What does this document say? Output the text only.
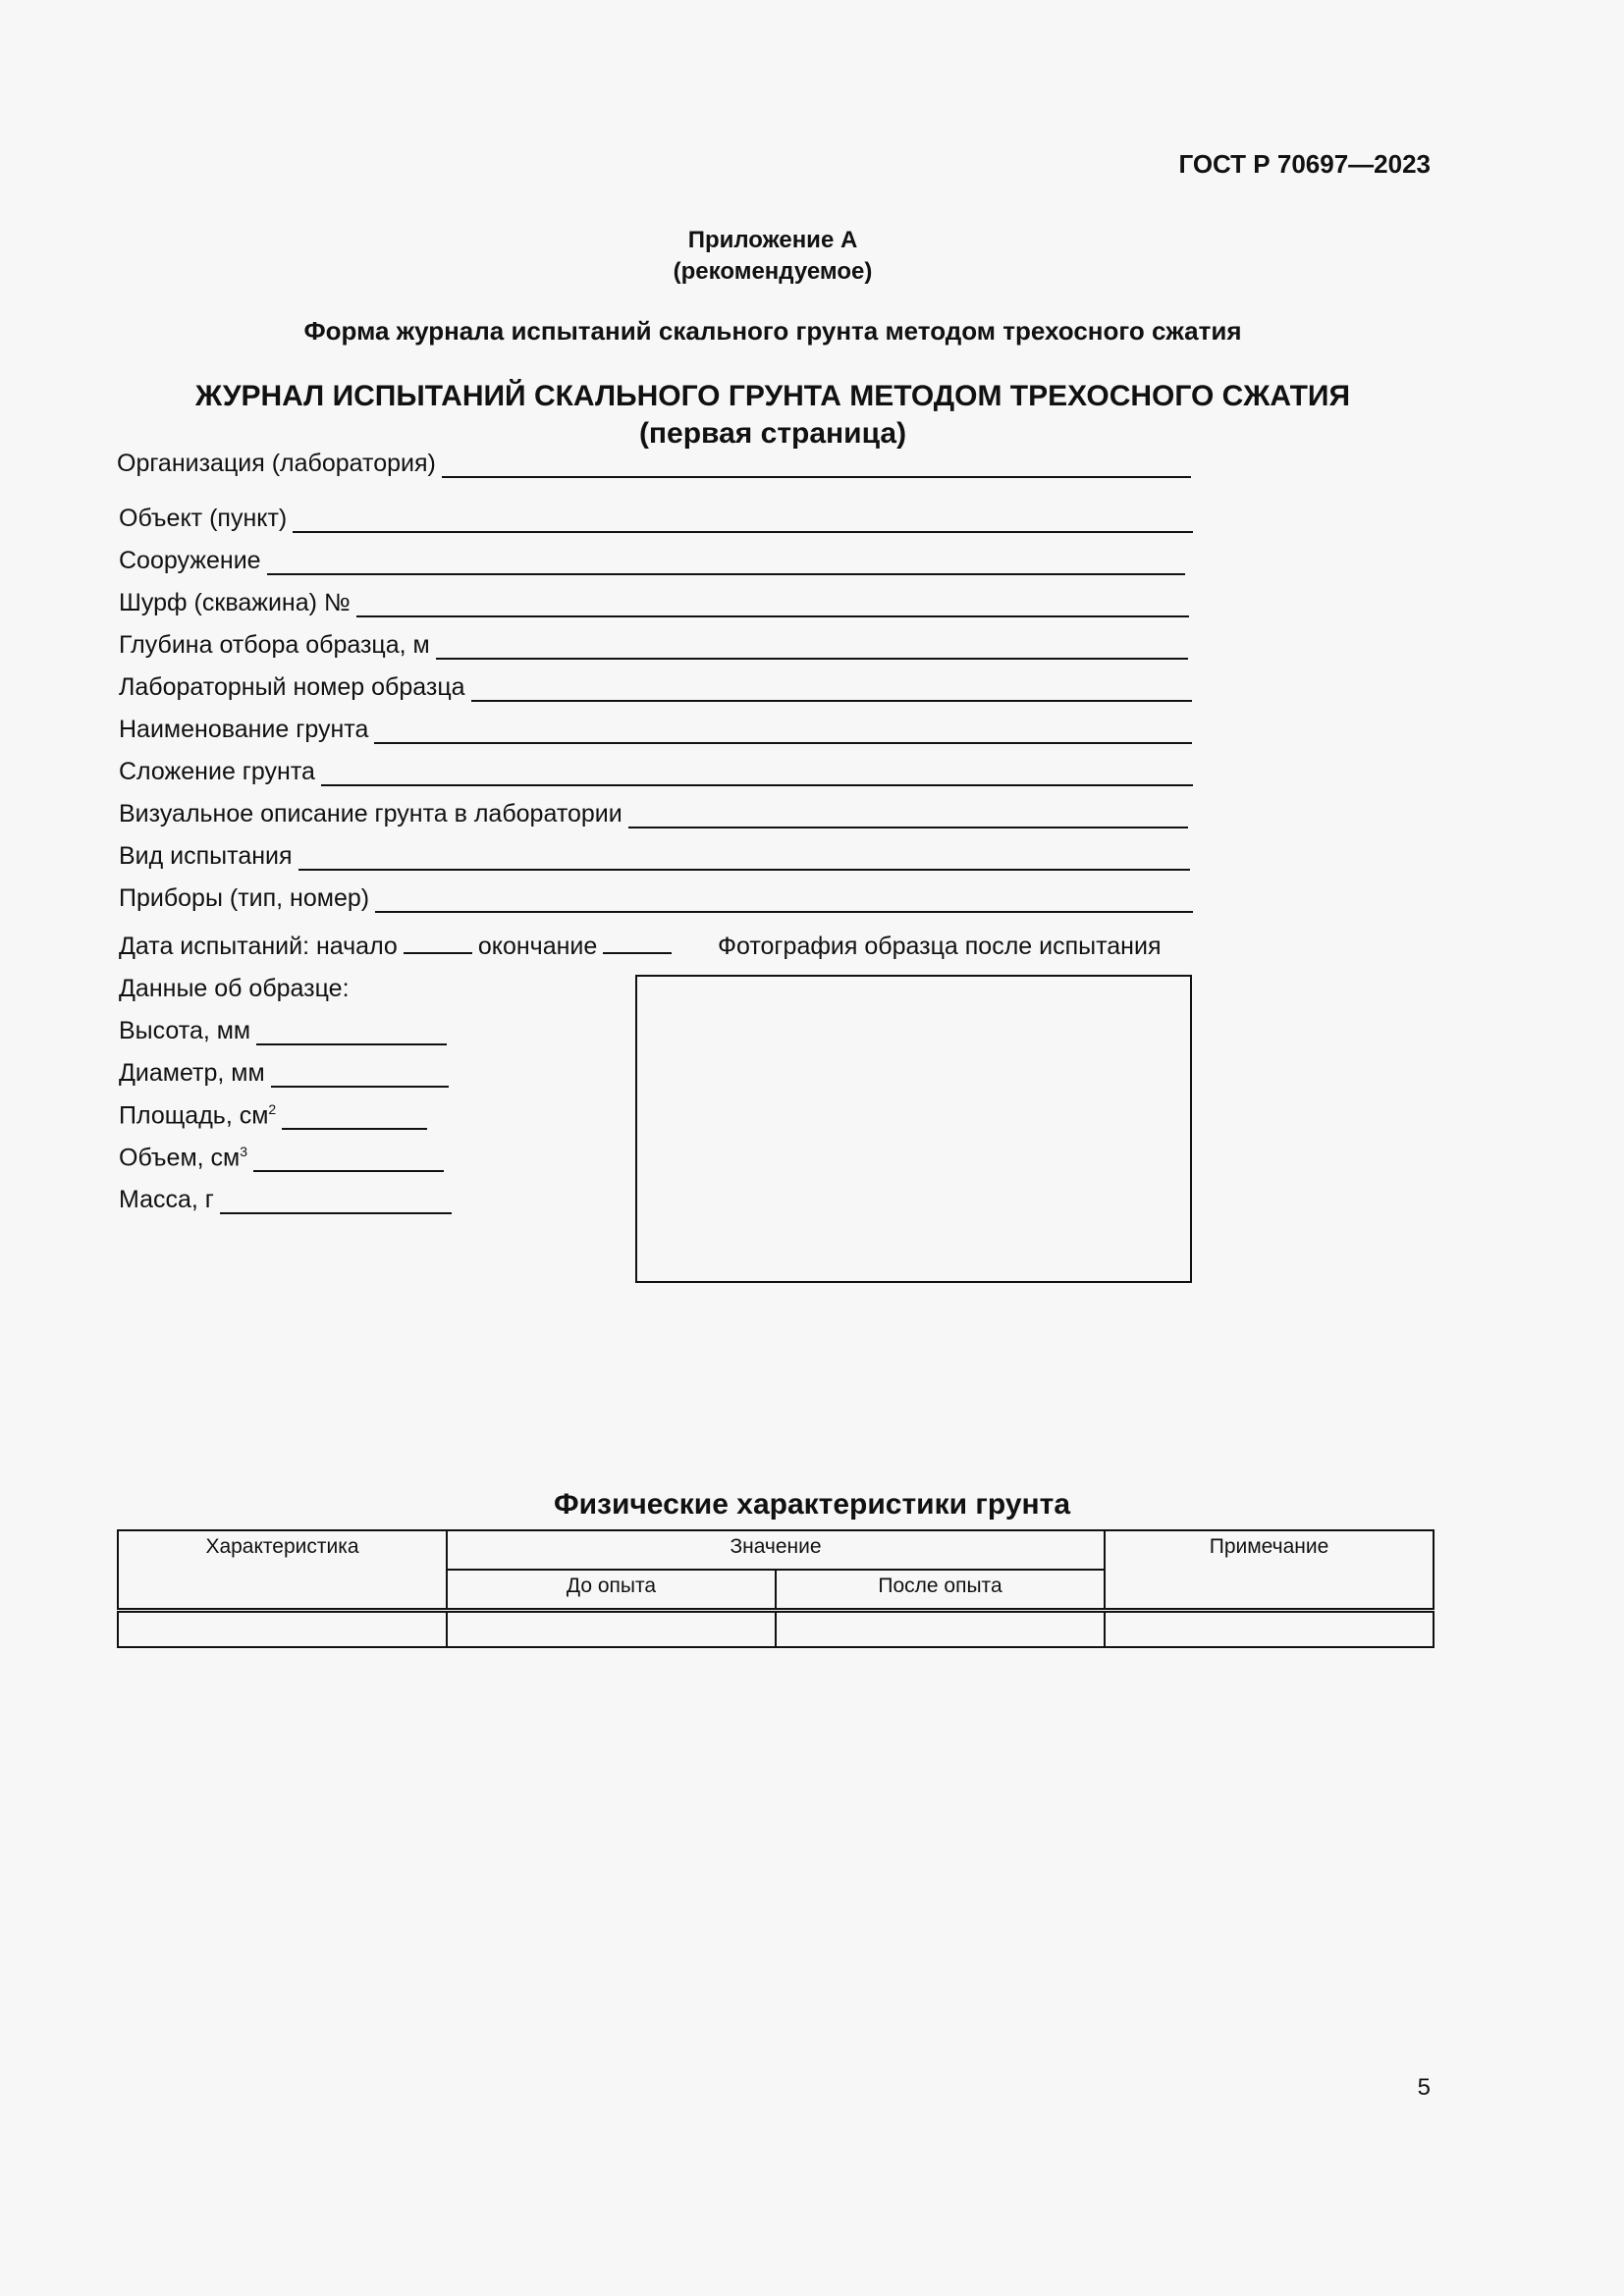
ГОСТ Р 70697—2023
Приложение А
(рекомендуемое)
Форма журнала испытаний скального грунта методом трехосного сжатия
ЖУРНАЛ ИСПЫТАНИЙ СКАЛЬНОГО ГРУНТА МЕТОДОМ ТРЕХОСНОГО СЖАТИЯ
(первая страница)
Организация (лаборатория)
Объект (пункт)
Сооружение
Шурф (скважина) №
Глубина отбора образца, м
Лабораторный номер образца
Наименование грунта
Сложение грунта
Визуальное описание грунта в лаборатории
Вид испытания
Приборы (тип, номер)
Дата испытаний: начало	окончание	Фотография образца после испытания
Данные об образце:
Высота, мм
Диаметр, мм
Площадь, $см^2$
Объем, $см^3$
Масса, г
Физические характеристики грунта
Характеристика	Значение		Примечание
	До опыта	После опыта	

5
